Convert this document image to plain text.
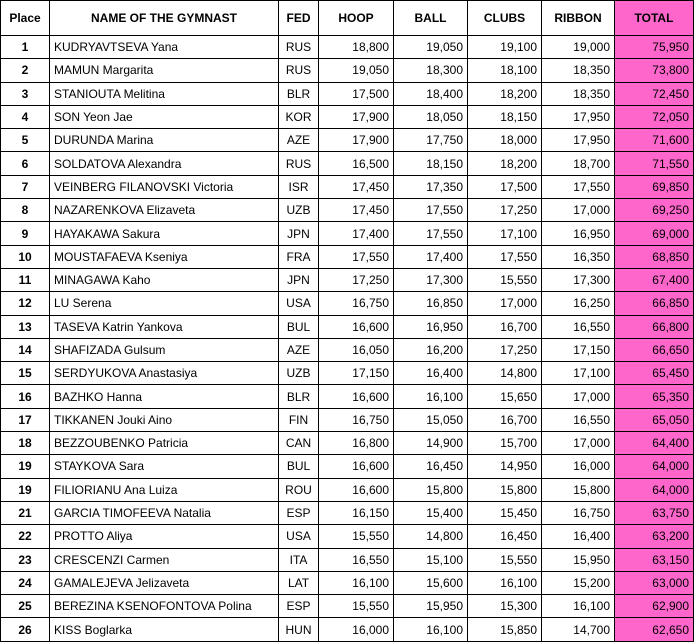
Place	NAME OF THE GYMNAST	FED	HOOP	BALL	CLUBS	RIBBON	TOTAL
1	KUDRYAVTSEVA Yana	RUS	18,800	19,050	19,100	19,000	75,950
2	MAMUN Margarita	RUS	19,050	18,300	18,100	18,350	73,800
3	STANIOUTA Melitina	BLR	17,500	18,400	18,200	18,350	72,450
4	SON Yeon Jae	KOR	17,900	18,050	18,150	17,950	72,050
5	DURUNDA Marina	AZE	17,900	17,750	18,000	17,950	71,600
6	SOLDATOVA Alexandra	RUS	16,500	18,150	18,200	18,700	71,550
7	VEINBERG FILANOVSKI Victoria	ISR	17,450	17,350	17,500	17,550	69,850
8	NAZARENKOVA Elizaveta	UZB	17,450	17,550	17,250	17,000	69,250
9	HAYAKAWA Sakura	JPN	17,400	17,550	17,100	16,950	69,000
10	MOUSTAFAEVA Kseniya	FRA	17,550	17,400	17,550	16,350	68,850
11	MINAGAWA Kaho	JPN	17,250	17,300	15,550	17,300	67,400
12	LU Serena	USA	16,750	16,850	17,000	16,250	66,850
13	TASEVA Katrin Yankova	BUL	16,600	16,950	16,700	16,550	66,800
14	SHAFIZADA Gulsum	AZE	16,050	16,200	17,250	17,150	66,650
15	SERDYUKOVA Anastasiya	UZB	17,150	16,400	14,800	17,100	65,450
16	BAZHKO Hanna	BLR	16,600	16,100	15,650	17,000	65,350
17	TIKKANEN Jouki Aino	FIN	16,750	15,050	16,700	16,550	65,050
18	BEZZOUBENKO Patricia	CAN	16,800	14,900	15,700	17,000	64,400
19	STAYKOVA Sara	BUL	16,600	16,450	14,950	16,000	64,000
19	FILIORIANU Ana Luiza	ROU	16,600	15,800	15,800	15,800	64,000
21	GARCIA TIMOFEEVA Natalia	ESP	16,150	15,400	15,450	16,750	63,750
22	PROTTO Aliya	USA	15,550	14,800	16,450	16,400	63,200
23	CRESCENZI Carmen	ITA	16,550	15,100	15,550	15,950	63,150
24	GAMALEJEVA Jelizaveta	LAT	16,100	15,600	16,100	15,200	63,000
25	BEREZINA KSENOFONTOVA Polina	ESP	15,550	15,950	15,300	16,100	62,900
26	KISS Boglarka	HUN	16,000	16,100	15,850	14,700	62,650
